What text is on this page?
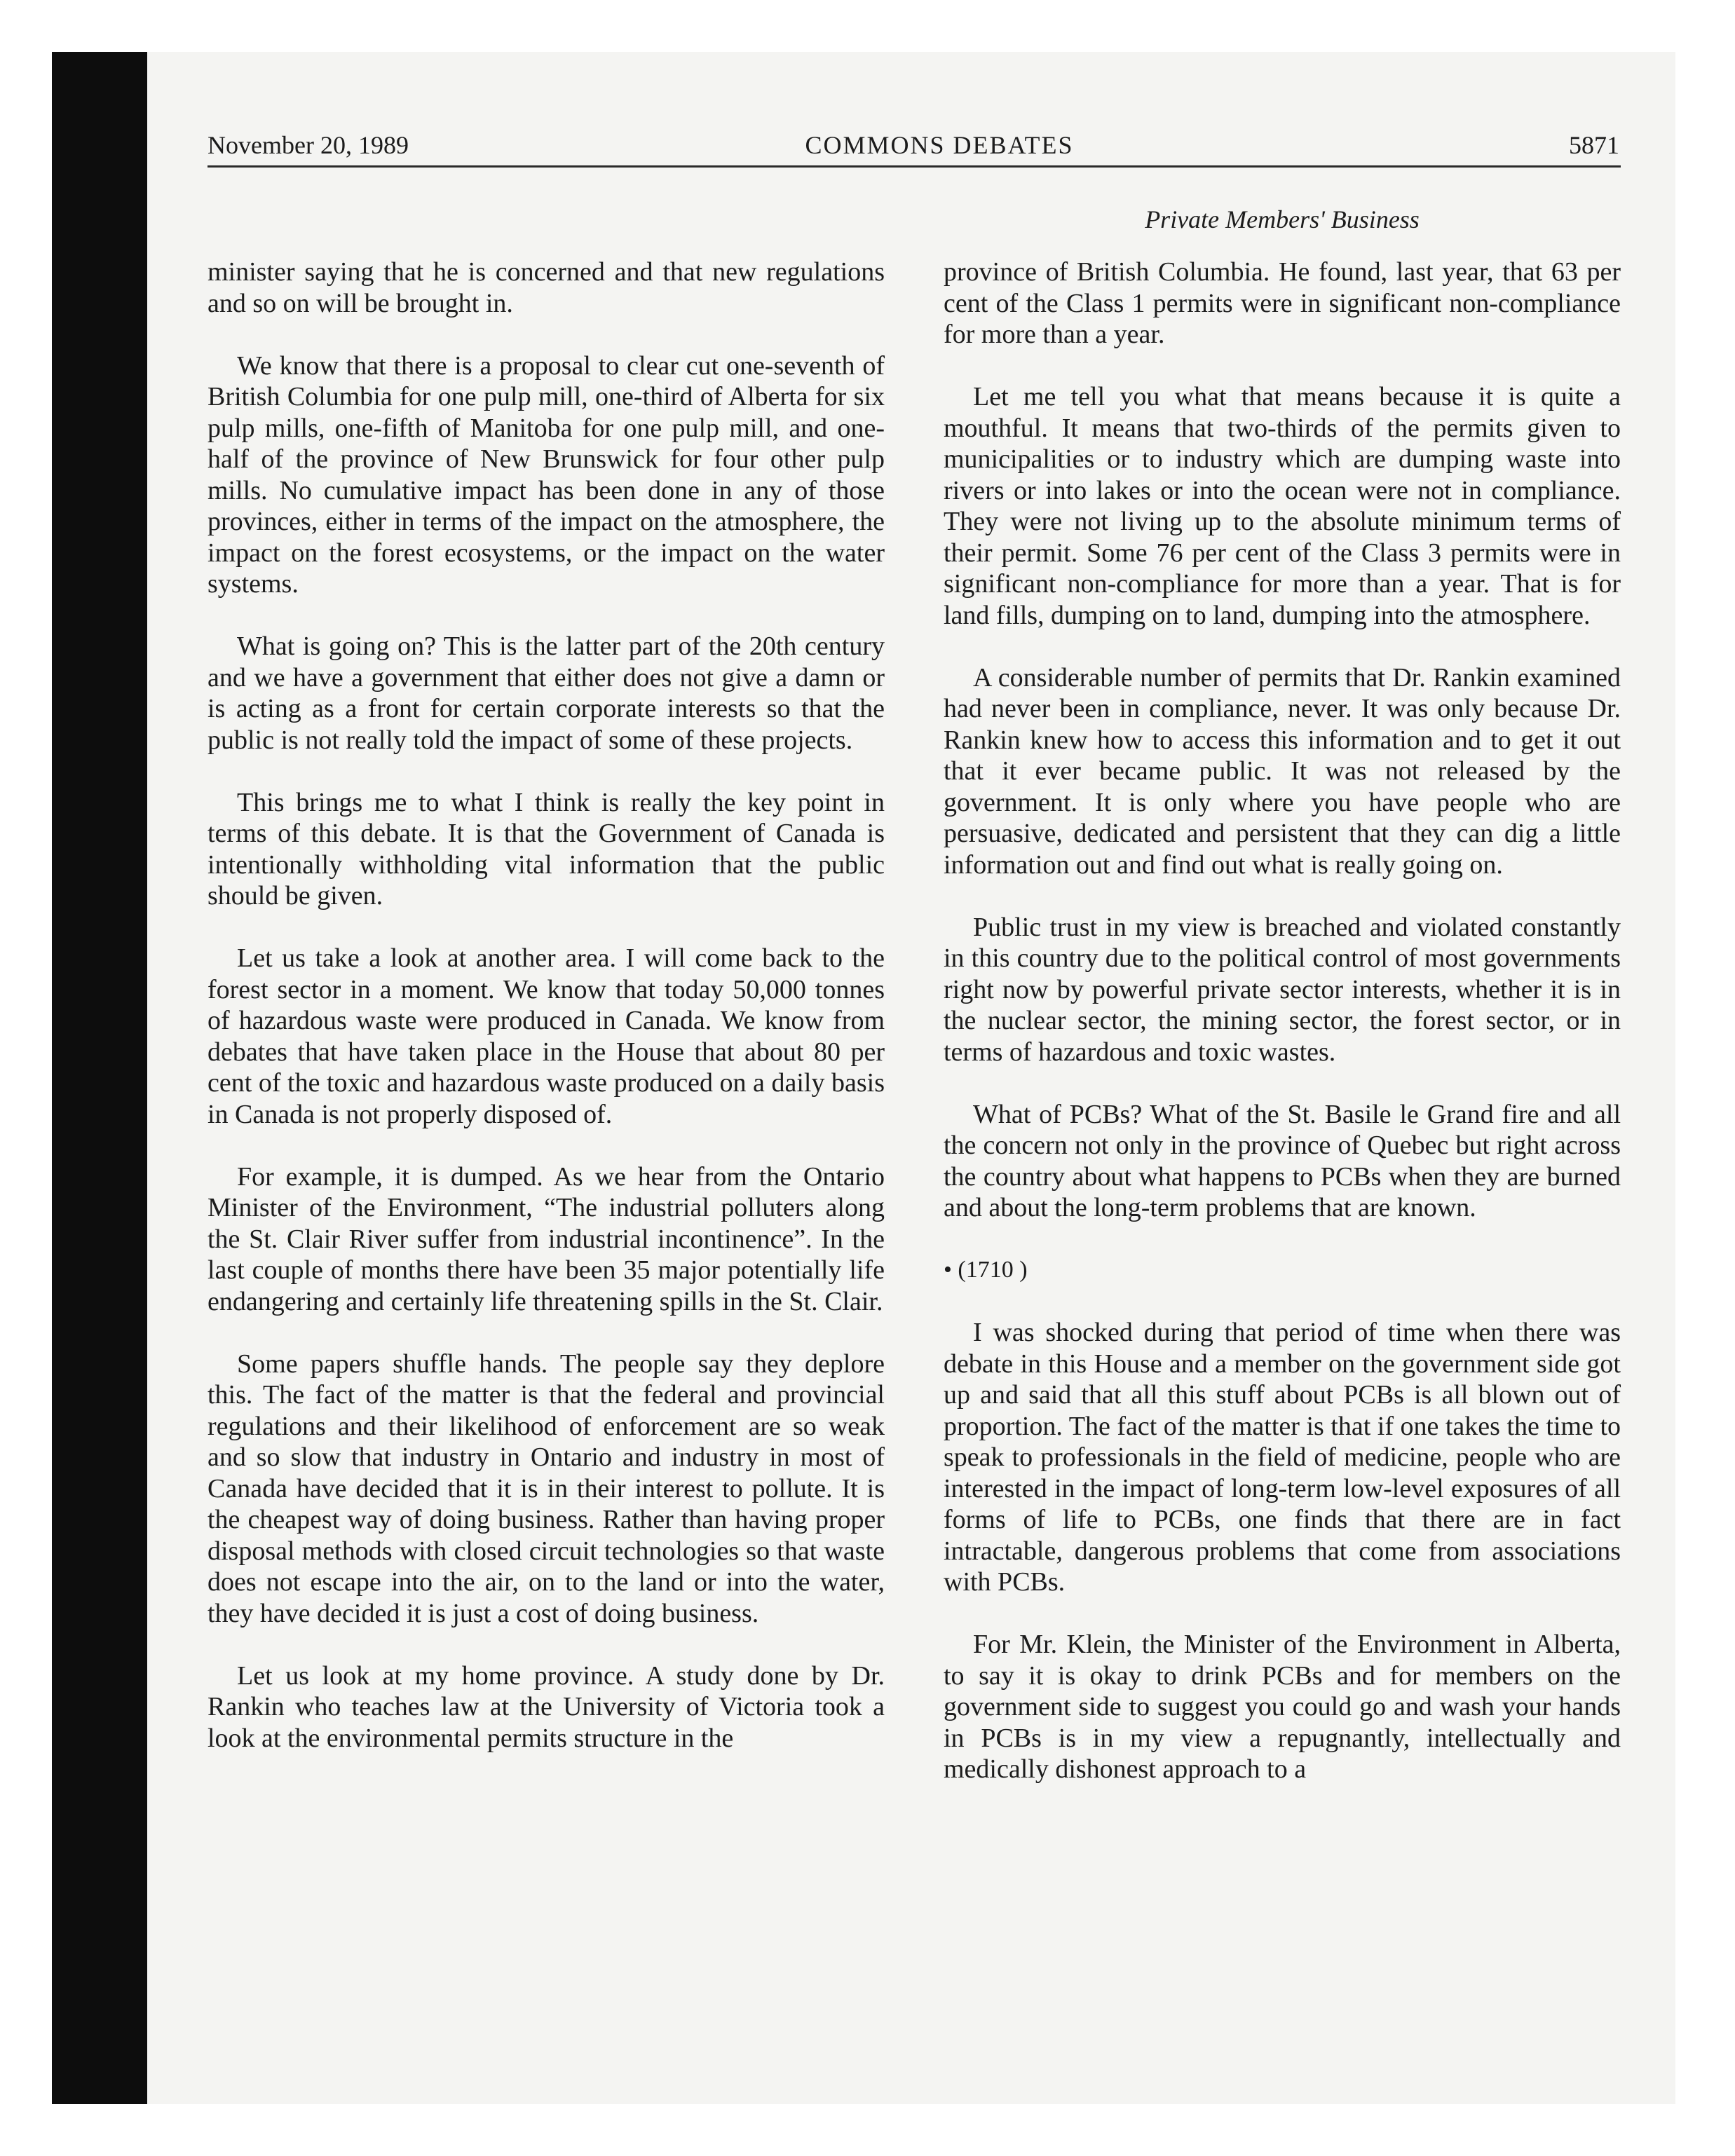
November 20, 1989	COMMONS DEBATES	5871
Private Members' Business

minister saying that he is concerned and that new regulations and so on will be brought in.

We know that there is a proposal to clear cut one-seventh of British Columbia for one pulp mill, one-third of Alberta for six pulp mills, one-fifth of Manitoba for one pulp mill, and one-half of the province of New Brunswick for four other pulp mills. No cumulative impact has been done in any of those provinces, either in terms of the impact on the atmosphere, the impact on the forest ecosystems, or the impact on the water systems.

What is going on? This is the latter part of the 20th century and we have a government that either does not give a damn or is acting as a front for certain corporate interests so that the public is not really told the impact of some of these projects.

This brings me to what I think is really the key point in terms of this debate. It is that the Government of Canada is intentionally withholding vital information that the public should be given.

Let us take a look at another area. I will come back to the forest sector in a moment. We know that today 50,000 tonnes of hazardous waste were produced in Canada. We know from debates that have taken place in the House that about 80 per cent of the toxic and hazardous waste produced on a daily basis in Canada is not properly disposed of.

For example, it is dumped. As we hear from the Ontario Minister of the Environment, “The industrial polluters along the St. Clair River suffer from industrial incontinence”. In the last couple of months there have been 35 major potentially life endangering and certainly life threatening spills in the St. Clair.

Some papers shuffle hands. The people say they deplore this. The fact of the matter is that the federal and provincial regulations and their likelihood of enforcement are so weak and so slow that industry in Ontario and industry in most of Canada have decided that it is in their interest to pollute. It is the cheapest way of doing business. Rather than having proper disposal methods with closed circuit technologies so that waste does not escape into the air, on to the land or into the water, they have decided it is just a cost of doing business.

Let us look at my home province. A study done by Dr. Rankin who teaches law at the University of Victoria took a look at the environmental permits structure in the

province of British Columbia. He found, last year, that 63 per cent of the Class 1 permits were in significant non-compliance for more than a year.

Let me tell you what that means because it is quite a mouthful. It means that two-thirds of the permits given to municipalities or to industry which are dumping waste into rivers or into lakes or into the ocean were not in compliance. They were not living up to the absolute minimum terms of their permit. Some 76 per cent of the Class 3 permits were in significant non-compliance for more than a year. That is for land fills, dumping on to land, dumping into the atmosphere.

A considerable number of permits that Dr. Rankin examined had never been in compliance, never. It was only because Dr. Rankin knew how to access this information and to get it out that it ever became public. It was not released by the government. It is only where you have people who are persuasive, dedicated and persistent that they can dig a little information out and find out what is really going on.

Public trust in my view is breached and violated constantly in this country due to the political control of most governments right now by powerful private sector interests, whether it is in the nuclear sector, the mining sector, the forest sector, or in terms of hazardous and toxic wastes.

What of PCBs? What of the St. Basile le Grand fire and all the concern not only in the province of Quebec but right across the country about what happens to PCBs when they are burned and about the long-term problems that are known.

• (1710 )

I was shocked during that period of time when there was debate in this House and a member on the government side got up and said that all this stuff about PCBs is all blown out of proportion. The fact of the matter is that if one takes the time to speak to professionals in the field of medicine, people who are interested in the impact of long-term low-level exposures of all forms of life to PCBs, one finds that there are in fact intractable, dangerous problems that come from associations with PCBs.

For Mr. Klein, the Minister of the Environment in Alberta, to say it is okay to drink PCBs and for members on the government side to suggest you could go and wash your hands in PCBs is in my view a repugnantly, intellectually and medically dishonest approach to a
